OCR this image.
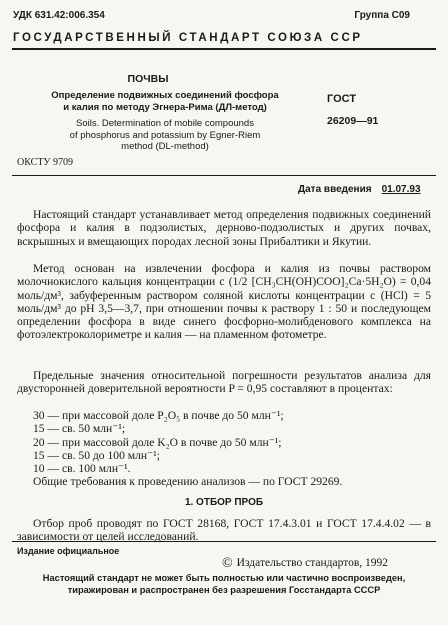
УДК 631.42:006.354	Группа С09
ГОСУДАРСТВЕННЫЙ СТАНДАРТ СОЮЗА ССР
ПОЧВЫ
Определение подвижных соединений фосфора
и калия по методу Эгнера-Рима (ДЛ-метод)
Soils. Determination of mobile compounds
of phosphorus and potassium by Egner-Riem
method (DL-method)
ГОСТ
26209—91
ОКСТУ 9709
Дата введения 01.07.93
Настоящий стандарт устанавливает метод определения подвижных соединений фосфора и калия в подзолистых, дерново-подзолистых и других почвах, вскрышных и вмещающих породах лесной зоны Прибалтики и Якутии.
Метод основан на извлечении фосфора и калия из почвы раствором молочнокислого кальция концентрации c (1/2 [CH₃CH(OH)COO]₂Ca·5H₂O) = 0,04 моль/дм³, забуференным раствором соляной кислоты концентрации c (HCl) = 5 моль/дм³ до pH 3,5—3,7, при отношении почвы к раствору 1 : 50 и последующем определении фосфора в виде синего фосфорно-молибденового комплекса на фотоэлектроколориметре и калия — на пламенном фотометре.
Предельные значения относительной погрешности результатов анализа для двусторонней доверительной вероятности P = 0,95 составляют в процентах:
30 — при массовой доле P₂O₅ в почве до 50 млн⁻¹;
15 — св. 50 млн⁻¹;
20 — при массовой доле K₂O в почве до 50 млн⁻¹;
15 — св. 50 до 100 млн⁻¹;
10 — св. 100 млн⁻¹.
Общие требования к проведению анализов — по ГОСТ 29269.
1. ОТБОР ПРОБ
Отбор проб проводят по ГОСТ 28168, ГОСТ 17.4.3.01 и ГОСТ 17.4.4.02 — в зависимости от целей исследований.
Издание официальное
© Издательство стандартов, 1992
Настоящий стандарт не может быть полностью или частично воспроизведен,
тиражирован и распространен без разрешения Госстандарта СССР
